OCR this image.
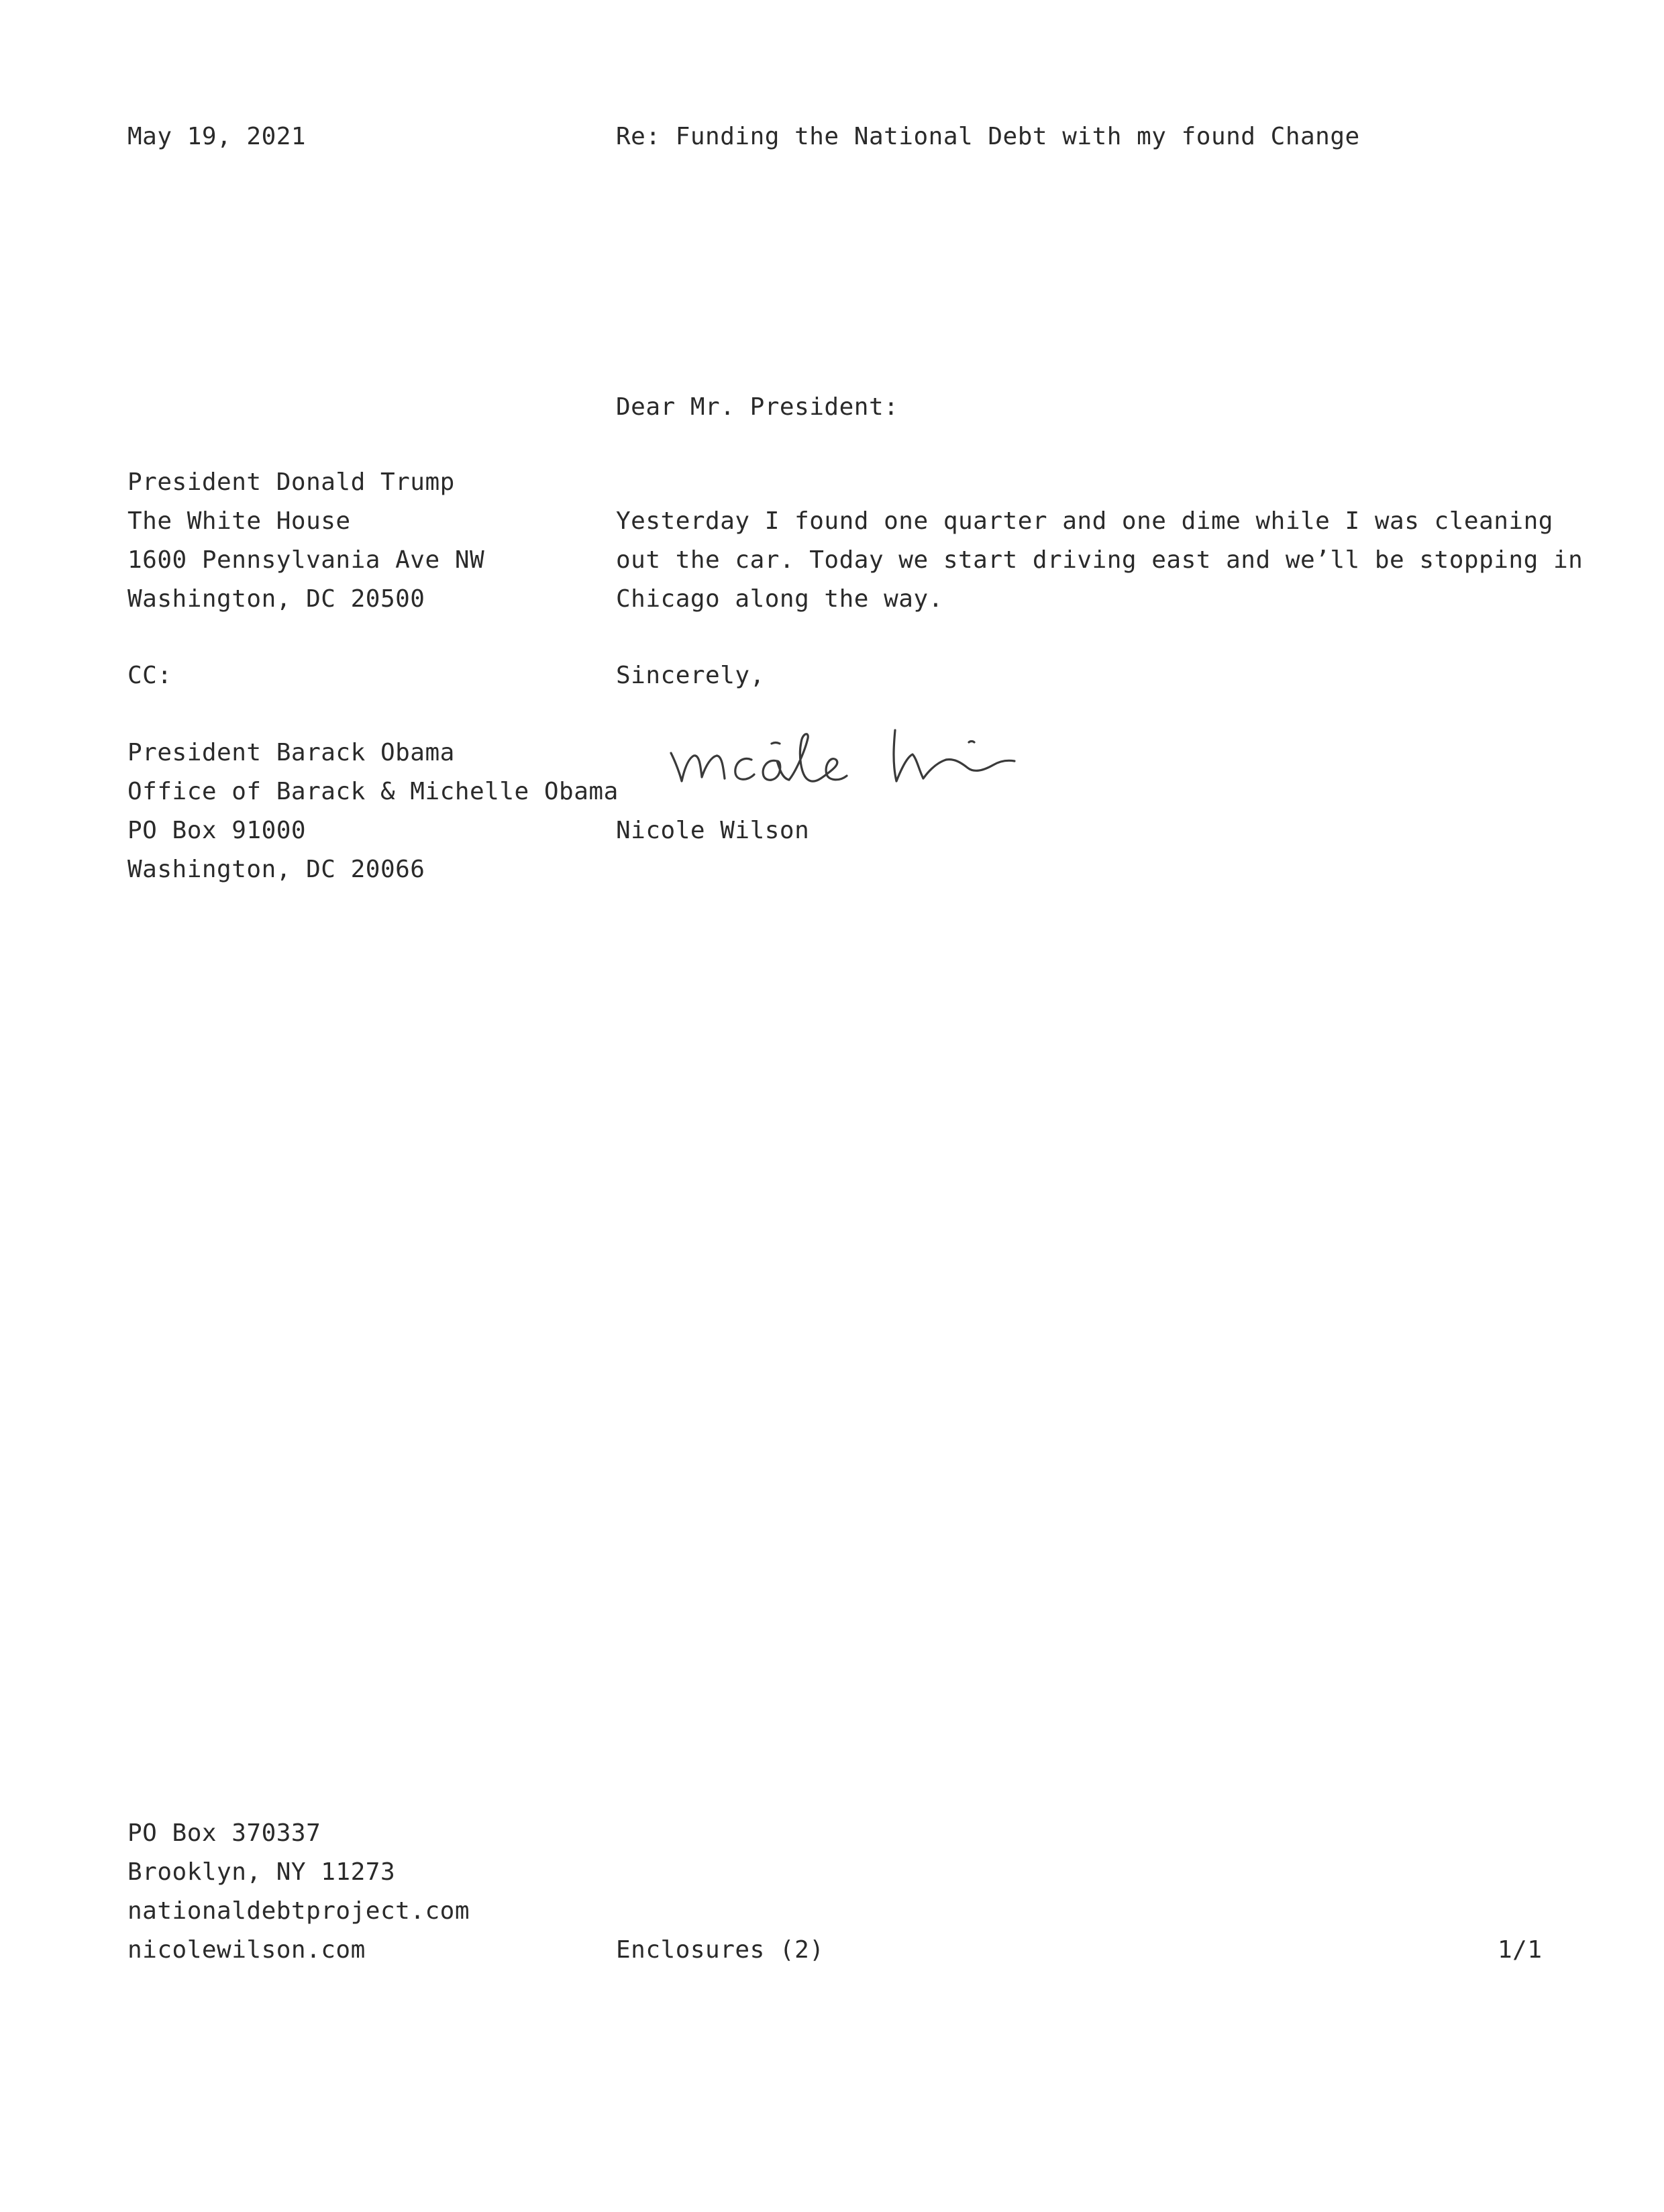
May 19, 2021	Re: Funding the National Debt with my found Change
Dear Mr. President:
President Donald Trump
The White House
1600 Pennsylvania Ave NW
Washington, DC 20500
Yesterday I found one quarter and one dime while I was cleaning
out the car. Today we start driving east and we’ll be stopping in
Chicago along the way.
CC:	Sincerely,
President Barack Obama
Office of Barack & Michelle Obama
PO Box 91000
Washington, DC 20066
Nicole Wilson
PO Box 370337
Brooklyn, NY 11273
nationaldebtproject.com
nicolewilson.com	Enclosures (2)	1/1
